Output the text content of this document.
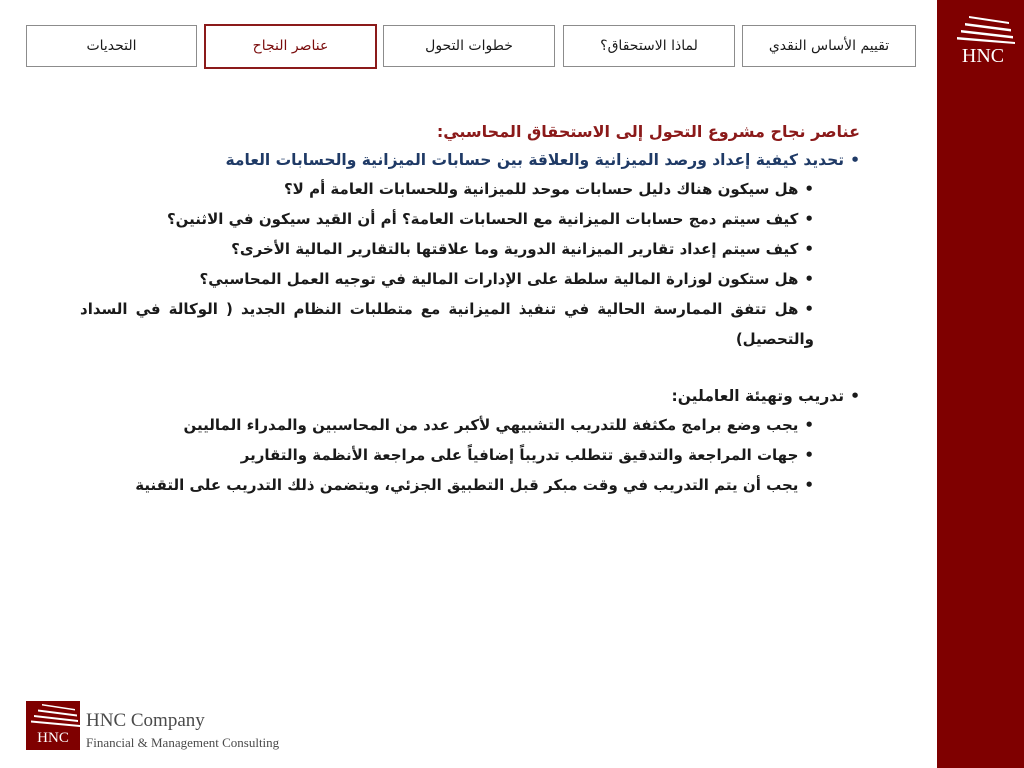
HNC
تقييم الأساس النقدي
لماذا الاستحقاق؟
خطوات التحول
عناصر النجاح
التحديات
عناصر نجاح مشروع التحول إلى الاستحقاق المحاسبي:
•تحديد كيفية إعداد ورصد الميزانية والعلاقة بين حسابات الميزانية والحسابات العامة
•هل سيكون هناك دليل حسابات موحد للميزانية وللحسابات العامة أم لا؟
•كيف سيتم دمج حسابات الميزانية مع الحسابات العامة؟ أم أن القيد سيكون في الاثنين؟
•كيف سيتم إعداد تقارير الميزانية الدورية وما علاقتها بالتقارير المالية الأخرى؟
•هل ستكون لوزارة المالية سلطة على الإدارات المالية في توجيه العمل المحاسبي؟
•هل تتفق الممارسة الحالية في تنفيذ الميزانية مع متطلبات النظام الجديد ( الوكالة في السداد والتحصيل)
•تدريب وتهيئة العاملين:
•يجب وضع برامج مكثفة للتدريب التشبيهي لأكبر عدد من المحاسبين والمدراء الماليين
•جهات المراجعة والتدقيق تتطلب تدريباً إضافياً على مراجعة الأنظمة والتقارير
•يجب أن يتم التدريب في وقت مبكر قبل التطبيق الجزئي، ويتضمن ذلك التدريب على التقنية
HNC
HNC Company
Financial & Management Consulting
